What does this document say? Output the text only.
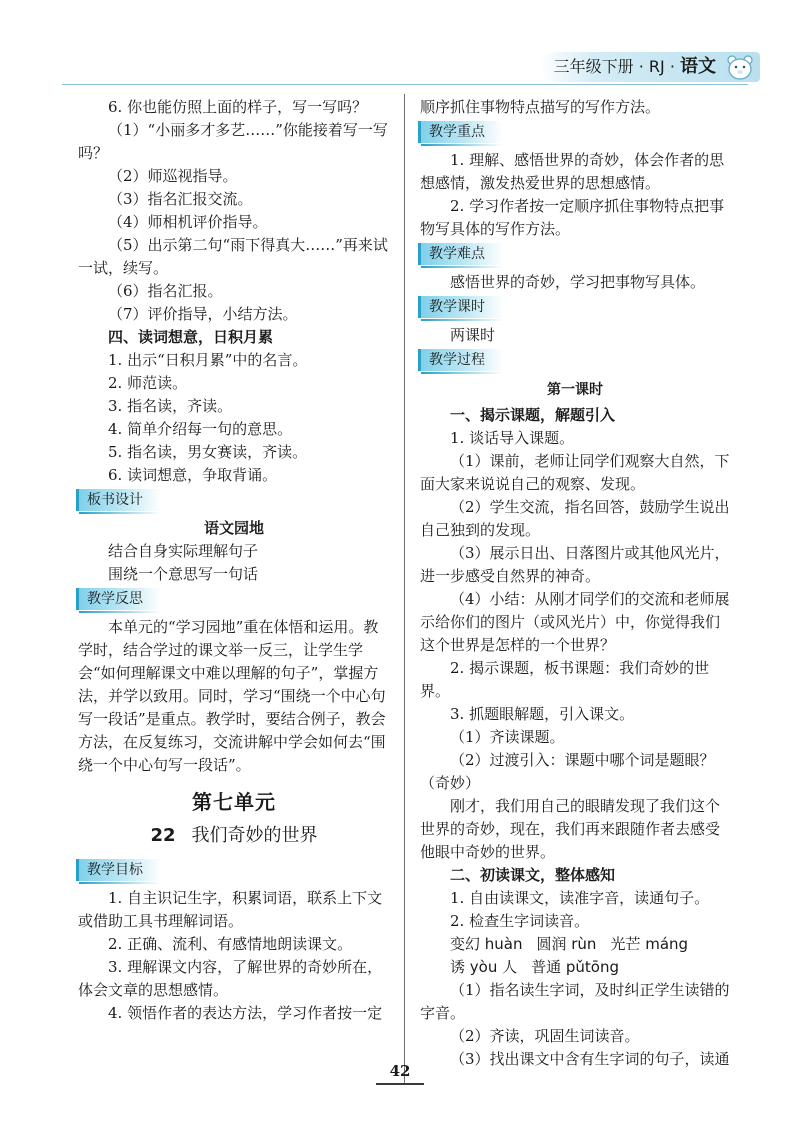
三年级下册 · RJ · 语文

6. 你也能仿照上面的样子，写一写吗？

（1）“小丽多才多艺……”你能接着写一写吗？

（2）师巡视指导。

（3）指名汇报交流。

（4）师相机评价指导。

（5）出示第二句“雨下得真大……”再来试一试，续写。

（6）指名汇报。

（7）评价指导，小结方法。

四、读词想意，日积月累

1. 出示“日积月累”中的名言。

2. 师范读。

3. 指名读，齐读。

4. 简单介绍每一句的意思。

5. 指名读，男女赛读，齐读。

6. 读词想意，争取背诵。

板书设计

语文园地

结合自身实际理解句子

围绕一个意思写一句话

教学反思

本单元的“学习园地”重在体悟和运用。教学时，结合学过的课文举一反三，让学生学会“如何理解课文中难以理解的句子”，掌握方法，并学以致用。同时，学习“围绕一个中心句写一段话”是重点。教学时，要结合例子，教会方法，在反复练习，交流讲解中学会如何去“围绕一个中心句写一段话”。

第七单元
22 我们奇妙的世界
教学目标

1. 自主识记生字，积累词语，联系上下文或借助工具书理解词语。

2. 正确、流利、有感情地朗读课文。

3. 理解课文内容，了解世界的奇妙所在，体会文章的思想感情。

4. 领悟作者的表达方法，学习作者按一定

顺序抓住事物特点描写的写作方法。

教学重点

1. 理解、感悟世界的奇妙，体会作者的思想感情，激发热爱世界的思想感情。

2. 学习作者按一定顺序抓住事物特点把事物写具体的写作方法。

教学难点

感悟世界的奇妙，学习把事物写具体。

教学课时

两课时

教学过程

第一课时

一、揭示课题，解题引入

1. 谈话导入课题。

（1）课前，老师让同学们观察大自然，下面大家来说说自己的观察、发现。

（2）学生交流，指名回答，鼓励学生说出自己独到的发现。

（3）展示日出、日落图片或其他风光片，进一步感受自然界的神奇。

（4）小结：从刚才同学们的交流和老师展示给你们的图片（或风光片）中，你觉得我们这个世界是怎样的一个世界？

2. 揭示课题，板书课题：我们奇妙的世界。

3. 抓题眼解题，引入课文。

（1）齐读课题。

（2）过渡引入：课题中哪个词是题眼？（奇妙）

刚才，我们用自己的眼睛发现了我们这个世界的奇妙，现在，我们再来跟随作者去感受他眼中奇妙的世界。

二、初读课文，整体感知

1. 自由读课文，读准字音，读通句子。

2. 检查生字词读音。

变幻 huàn 圆润 rùn 光芒 máng

诱 yòu 人 普通 pǔtōng

（1）指名读生字词，及时纠正学生读错的字音。

（2）齐读，巩固生词读音。

（3）找出课文中含有生字词的句子，读通

42
